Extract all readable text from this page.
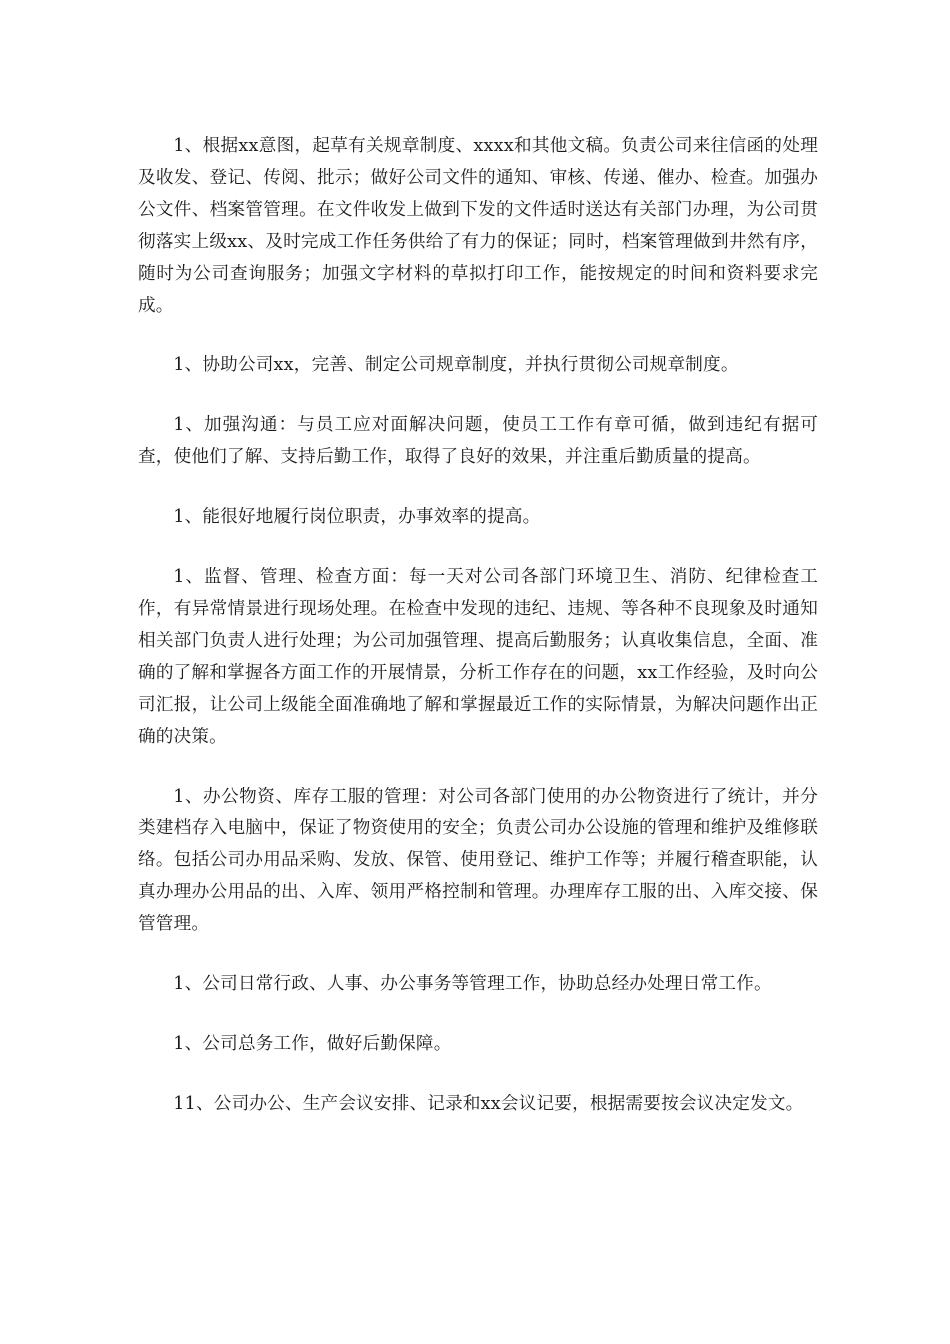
1、根据xx意图，起草有关规章制度、xxxx和其他文稿。负责公司来往信函的处理及收发、登记、传阅、批示；做好公司文件的通知、审核、传递、催办、检查。加强办公文件、档案管管理。在文件收发上做到下发的文件适时送达有关部门办理，为公司贯彻落实上级xx、及时完成工作任务供给了有力的保证；同时，档案管理做到井然有序，随时为公司查询服务；加强文字材料的草拟打印工作，能按规定的时间和资料要求完成。

1、协助公司xx，完善、制定公司规章制度，并执行贯彻公司规章制度。

1、加强沟通：与员工应对面解决问题，使员工工作有章可循，做到违纪有据可查，使他们了解、支持后勤工作，取得了良好的效果，并注重后勤质量的提高。

1、能很好地履行岗位职责，办事效率的提高。

1、监督、管理、检查方面：每一天对公司各部门环境卫生、消防、纪律检查工作，有异常情景进行现场处理。在检查中发现的违纪、违规、等各种不良现象及时通知相关部门负责人进行处理；为公司加强管理、提高后勤服务；认真收集信息，全面、准确的了解和掌握各方面工作的开展情景，分析工作存在的问题，xx工作经验，及时向公司汇报，让公司上级能全面准确地了解和掌握最近工作的实际情景，为解决问题作出正确的决策。

1、办公物资、库存工服的管理：对公司各部门使用的办公物资进行了统计，并分类建档存入电脑中，保证了物资使用的安全；负责公司办公设施的管理和维护及维修联络。包括公司办用品采购、发放、保管、使用登记、维护工作等；并履行稽查职能，认真办理办公用品的出、入库、领用严格控制和管理。办理库存工服的出、入库交接、保管管理。

1、公司日常行政、人事、办公事务等管理工作，协助总经办处理日常工作。

1、公司总务工作，做好后勤保障。

11、公司办公、生产会议安排、记录和xx会议记要，根据需要按会议决定发文。
